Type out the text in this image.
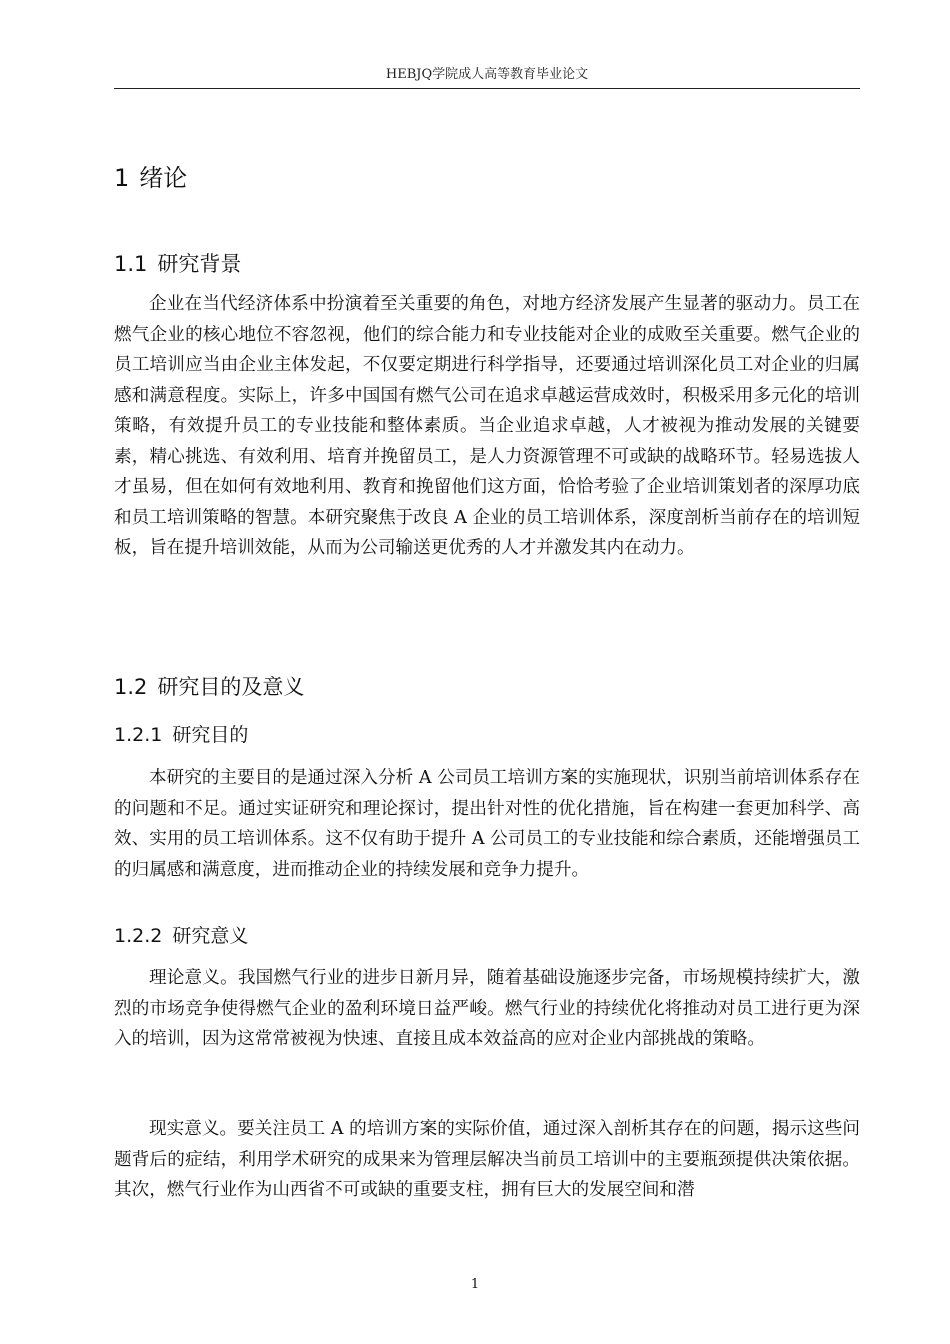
HEBJQ学院成人高等教育毕业论文
1 绪论
1.1 研究背景

企业在当代经济体系中扮演着至关重要的角色，对地方经济发展产生显著的驱动力。员工在燃气企业的核心地位不容忽视，他们的综合能力和专业技能对企业的成败至关重要。燃气企业的员工培训应当由企业主体发起，不仅要定期进行科学指导，还要通过培训深化员工对企业的归属感和满意程度。实际上，许多中国国有燃气公司在追求卓越运营成效时，积极采用多元化的培训策略，有效提升员工的专业技能和整体素质。当企业追求卓越，人才被视为推动发展的关键要素，精心挑选、有效利用、培育并挽留员工，是人力资源管理不可或缺的战略环节。轻易选拔人才虽易，但在如何有效地利用、教育和挽留他们这方面，恰恰考验了企业培训策划者的深厚功底和员工培训策略的智慧。本研究聚焦于改良 A 企业的员工培训体系，深度剖析当前存在的培训短板，旨在提升培训效能，从而为公司输送更优秀的人才并激发其内在动力。

1.2 研究目的及意义
1.2.1 研究目的

本研究的主要目的是通过深入分析 A 公司员工培训方案的实施现状，识别当前培训体系存在的问题和不足。通过实证研究和理论探讨，提出针对性的优化措施，旨在构建一套更加科学、高效、实用的员工培训体系。这不仅有助于提升 A 公司员工的专业技能和综合素质，还能增强员工的归属感和满意度，进而推动企业的持续发展和竞争力提升。

1.2.2 研究意义

理论意义。我国燃气行业的进步日新月异，随着基础设施逐步完备，市场规模持续扩大，激烈的市场竞争使得燃气企业的盈利环境日益严峻。燃气行业的持续优化将推动对员工进行更为深入的培训，因为这常常被视为快速、直接且成本效益高的应对企业内部挑战的策略。

现实意义。要关注员工 A 的培训方案的实际价值，通过深入剖析其存在的问题，揭示这些问题背后的症结，利用学术研究的成果来为管理层解决当前员工培训中的主要瓶颈提供决策依据。其次，燃气行业作为山西省不可或缺的重要支柱，拥有巨大的发展空间和潜

1
